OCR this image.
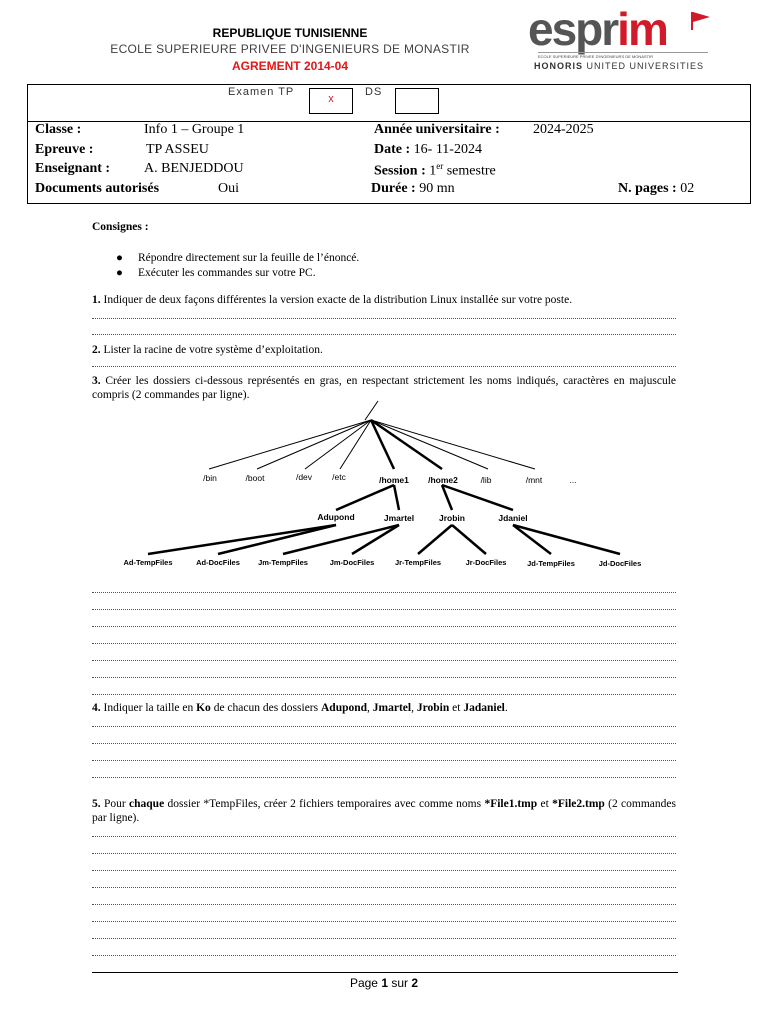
REPUBLIQUE TUNISIENNE
ECOLE SUPERIEURE PRIVEE D'INGENIEURS DE MONASTIR
AGREMENT 2014-04
esprim
ECOLE SUPERIEURE PRIVEE D'INGENIEURS DE MONASTIR
HONORIS UNITED UNIVERSITIES
Examen TP
x
DS
Classe :	Info 1 – Groupe 1	Année universitaire : 2024-2025
Epreuve :	TP ASSEU	Date : 16- 11-2024
Enseignant : A. BENJEDDOU	Session : 1er semestre
Documents autorisés	Oui	Durée : 90 mn	N. pages : 02
Consignes :
● Répondre directement sur la feuille de l’énoncé.
● Exécuter les commandes sur votre PC.
1. Indiquer de deux façons différentes la version exacte de la distribution Linux installée sur votre poste.
2. Lister la racine de votre système d’exploitation.
3. Créer les dossiers ci-dessous représentés en gras, en respectant strictement les noms indiqués, caractères en majuscule compris (2 commandes par ligne).
/bin	/boot	/dev /etc	/home1 /home2	/lib	/mnt	...
Adupond	Jmartel	Jrobin	Jdaniel
Ad-TempFiles	Ad-DocFiles Jm-TempFiles	Jm-DocFiles	Jr-TempFiles	Jr-DocFiles	Jd-TempFiles	Jd-DocFiles
4. Indiquer la taille en Ko de chacun des dossiers Adupond, Jmartel, Jrobin et Jadaniel.
5. Pour chaque dossier *TempFiles, créer 2 fichiers temporaires avec comme noms *File1.tmp et *File2.tmp (2 commandes par ligne).
Page 1 sur 2
